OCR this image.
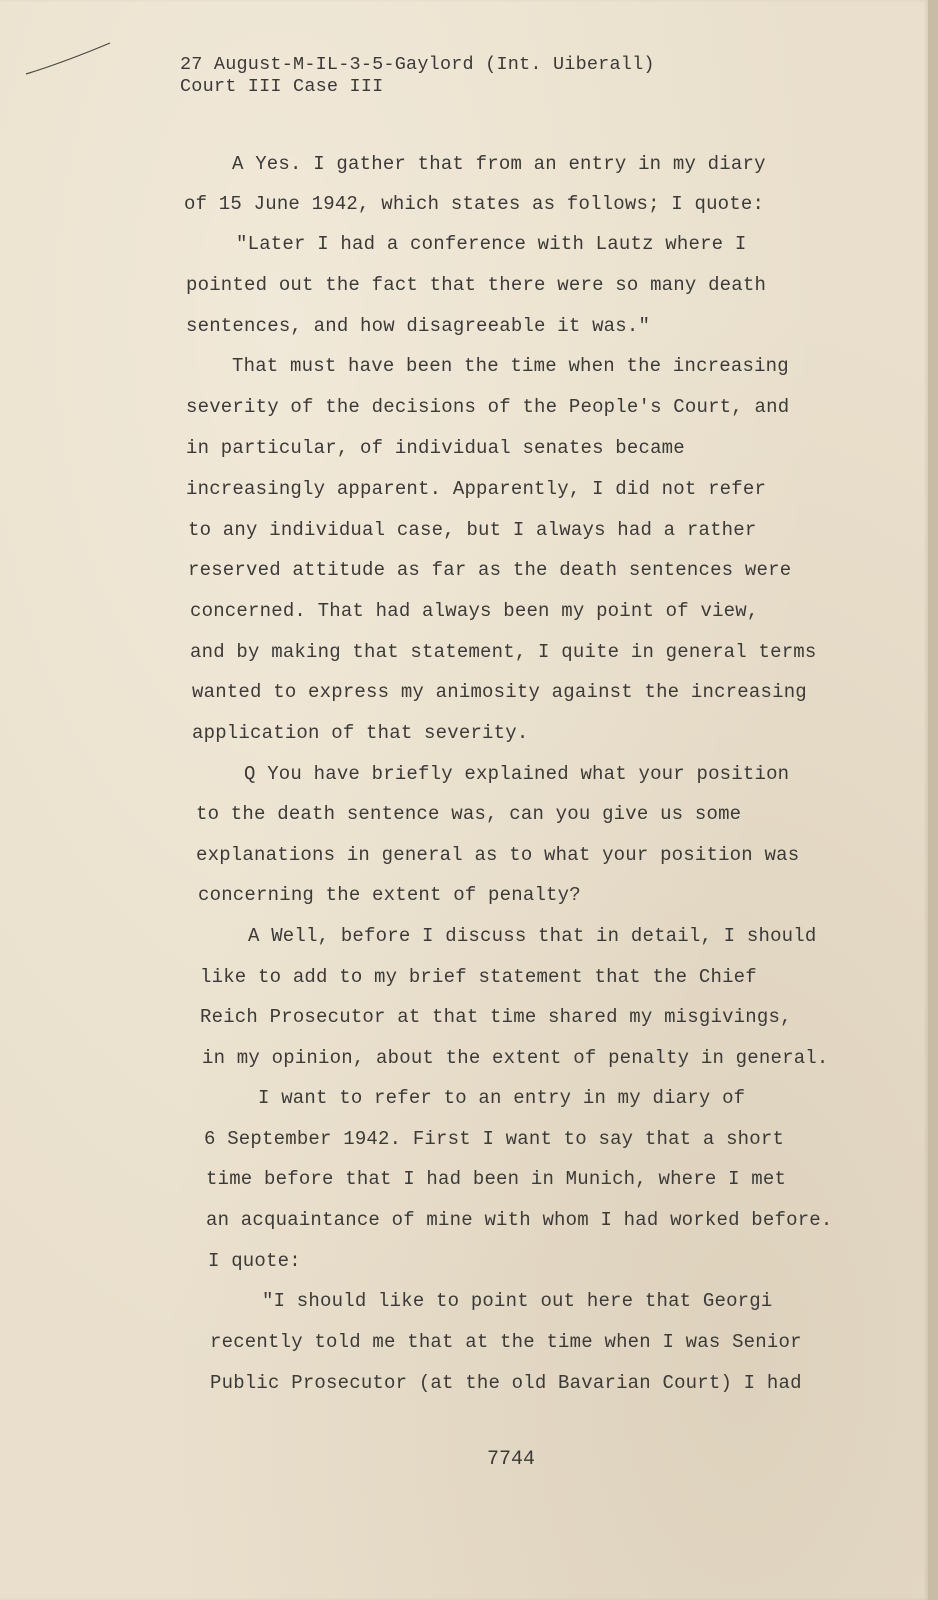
27 August-M-IL-3-5-Gaylord (Int. Uiberall)

Court III Case III

A Yes. I gather that from an entry in my diary

of 15 June 1942, which states as follows; I quote:

"Later I had a conference with Lautz where I

pointed out the fact that there were so many death

sentences, and how disagreeable it was."

That must have been the time when the increasing

severity of the decisions of the People's Court, and

in particular, of individual senates became

increasingly apparent. Apparently, I did not refer

to any individual case, but I always had a rather

reserved attitude as far as the death sentences were

concerned. That had always been my point of view,

and by making that statement, I quite in general terms

wanted to express my animosity against the increasing

application of that severity.

Q You have briefly explained what your position

to the death sentence was, can you give us some

explanations in general as to what your position was

concerning the extent of penalty?

A Well, before I discuss that in detail, I should

like to add to my brief statement that the Chief

Reich Prosecutor at that time shared my misgivings,

in my opinion, about the extent of penalty in general.

I want to refer to an entry in my diary of

6 September 1942. First I want to say that a short

time before that I had been in Munich, where I met

an acquaintance of mine with whom I had worked before.

I quote:

"I should like to point out here that Georgi

recently told me that at the time when I was Senior

Public Prosecutor (at the old Bavarian Court) I had

7744
